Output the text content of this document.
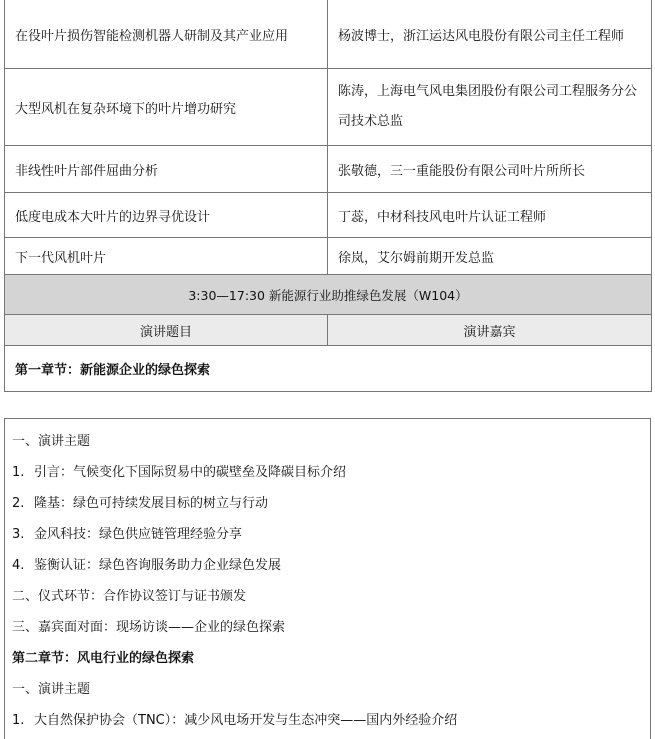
在役叶片损伤智能检测机器人研制及其产业应用	杨波博士，浙江运达风电股份有限公司主任工程师
大型风机在复杂环境下的叶片增功研究	陈涛，上海电气风电集团股份有限公司工程服务分公司技术总监
非线性叶片部件屈曲分析	张敬德，三一重能股份有限公司叶片所所长
低度电成本大叶片的边界寻优设计	丁蕊，中材科技风电叶片认证工程师
下一代风机叶片	徐岚，艾尔姆前期开发总监
3:30—17:30 新能源行业助推绿色发展（W104）	
演讲题目	演讲嘉宾
第一章节：新能源企业的绿色探索	
一、演讲主题
1. 引言：气候变化下国际贸易中的碳壁垒及降碳目标介绍
2. 隆基：绿色可持续发展目标的树立与行动
3. 金风科技：绿色供应链管理经验分享
4. 鉴衡认证：绿色咨询服务助力企业绿色发展
二、仪式环节：合作协议签订与证书颁发
三、嘉宾面对面：现场访谈——企业的绿色探索
第二章节：风电行业的绿色探索
一、演讲主题
1. 大自然保护协会（TNC）：减少风电场开发与生态冲突——国内外经验介绍
